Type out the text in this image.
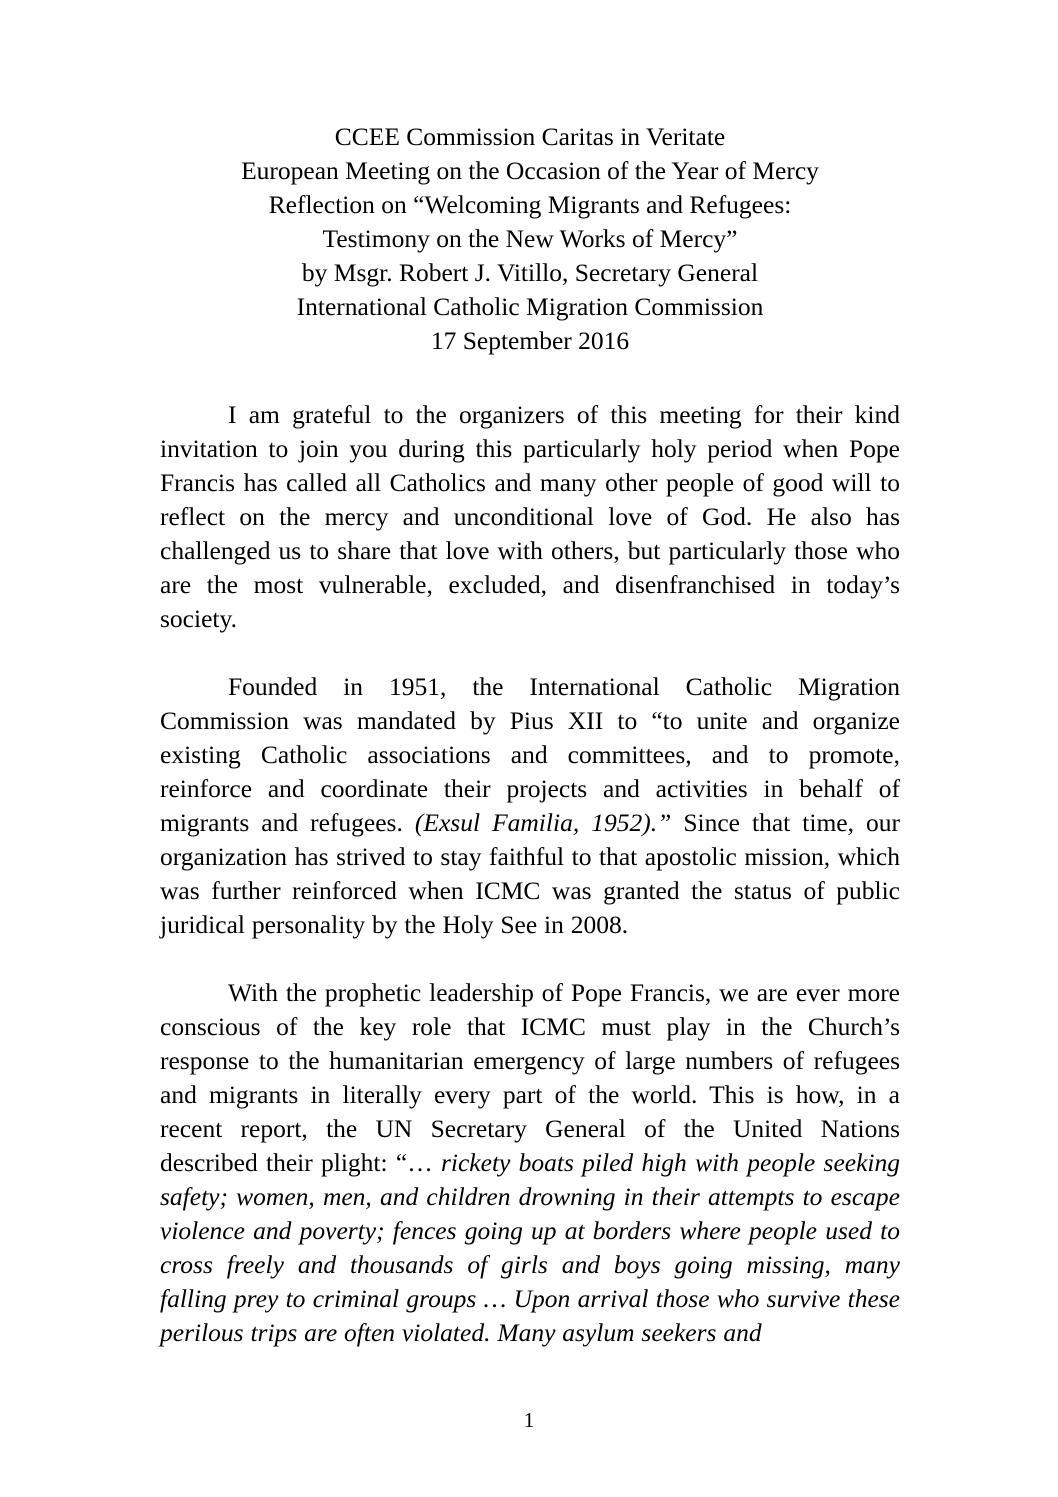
CCEE Commission Caritas in Veritate
European Meeting on the Occasion of the Year of Mercy
Reflection on “Welcoming Migrants and Refugees:
Testimony on the New Works of Mercy”
by Msgr. Robert J. Vitillo, Secretary General
International Catholic Migration Commission
17 September 2016

I am grateful to the organizers of this meeting for their kind invitation to join you during this particularly holy period when Pope Francis has called all Catholics and many other people of good will to reflect on the mercy and unconditional love of God. He also has challenged us to share that love with others, but particularly those who are the most vulnerable, excluded, and disenfranchised in today’s society.

Founded in 1951, the International Catholic Migration Commission was mandated by Pius XII to “to unite and organize existing Catholic associations and committees, and to promote, reinforce and coordinate their projects and activities in behalf of migrants and refugees. (Exsul Familia, 1952).” Since that time, our organization has strived to stay faithful to that apostolic mission, which was further reinforced when ICMC was granted the status of public juridical personality by the Holy See in 2008.

With the prophetic leadership of Pope Francis, we are ever more conscious of the key role that ICMC must play in the Church’s response to the humanitarian emergency of large numbers of refugees and migrants in literally every part of the world. This is how, in a recent report, the UN Secretary General of the United Nations described their plight: “… rickety boats piled high with people seeking safety; women, men, and children drowning in their attempts to escape violence and poverty; fences going up at borders where people used to cross freely and thousands of girls and boys going missing, many falling prey to criminal groups … Upon arrival those who survive these perilous trips are often violated. Many asylum seekers and

1
